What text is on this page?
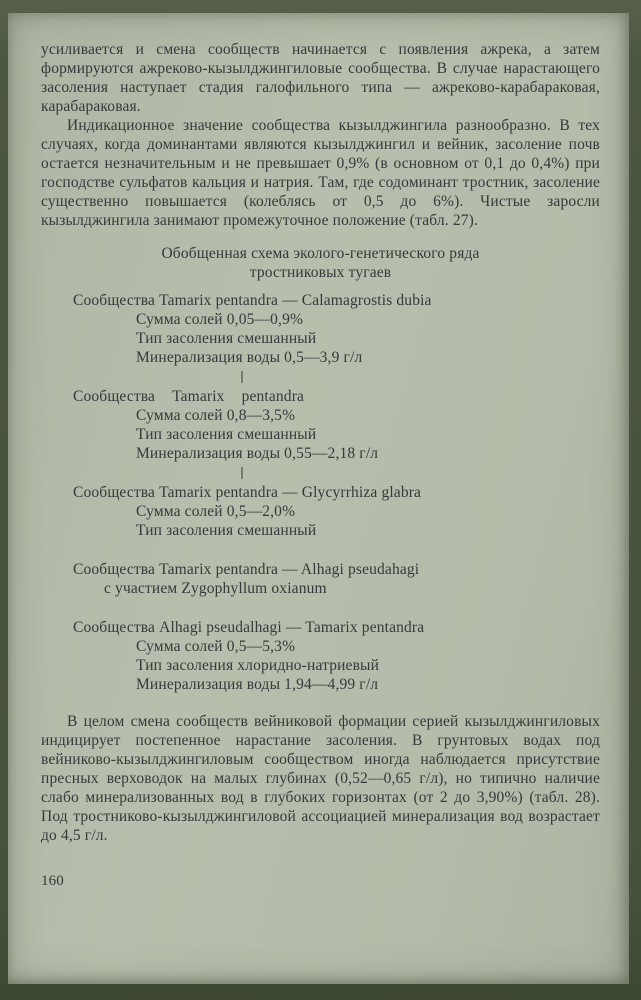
усиливается и смена сообществ начинается с появления ажрека, а затем формируются ажреково-кызылджингиловые сообщества. В случае нарастающего засоления наступает стадия галофильного типа — ажреково-карабараковая, карабараковая.

Индикационное значение сообщества кызылджингила разнообразно. В тех случаях, когда доминантами являются кызылджингил и вейник, засоление почв остается незначительным и не превышает 0,9% (в основном от 0,1 до 0,4%) при господстве сульфатов кальция и натрия. Там, где содоминант тростник, засоление существенно повышается (колеблясь от 0,5 до 6%). Чистые заросли кызылджингила занимают промежуточное положение (табл. 27).

Обобщенная схема эколого-генетического ряда
тростниковых тугаев
Сообщества Tamarix pentandra — Calamagrostis dubia
Сумма солей 0,05—0,9%
Тип засоления смешанный
Минерализация воды 0,5—3,9 г/л
Сообщества Tamarix pentandra
Сумма солей 0,8—3,5%
Тип засоления смешанный
Минерализация воды 0,55—2,18 г/л
Сообщества Tamarix pentandra — Glycyrrhiza glabra
Сумма солей 0,5—2,0%
Тип засоления смешанный
Сообщества Tamarix pentandra — Alhagi pseudahagi
с участием Zygophyllum oxianum
Сообщества Alhagi pseudalhagi — Tamarix pentandra
Сумма солей 0,5—5,3%
Тип засоления хлоридно-натриевый
Минерализация воды 1,94—4,99 г/л

В целом смена сообществ вейниковой формации серией кызылджингиловых индицирует постепенное нарастание засоления. В грунтовых водах под вейниково-кызылджингиловым сообществом иногда наблюдается присутствие пресных верховодок на малых глубинах (0,52—0,65 г/л), но типично наличие слабо минерализованных вод в глубоких горизонтах (от 2 до 3,90%) (табл. 28). Под тростниково-кызылджингиловой ассоциацией минерализация вод возрастает до 4,5 г/л.

160
